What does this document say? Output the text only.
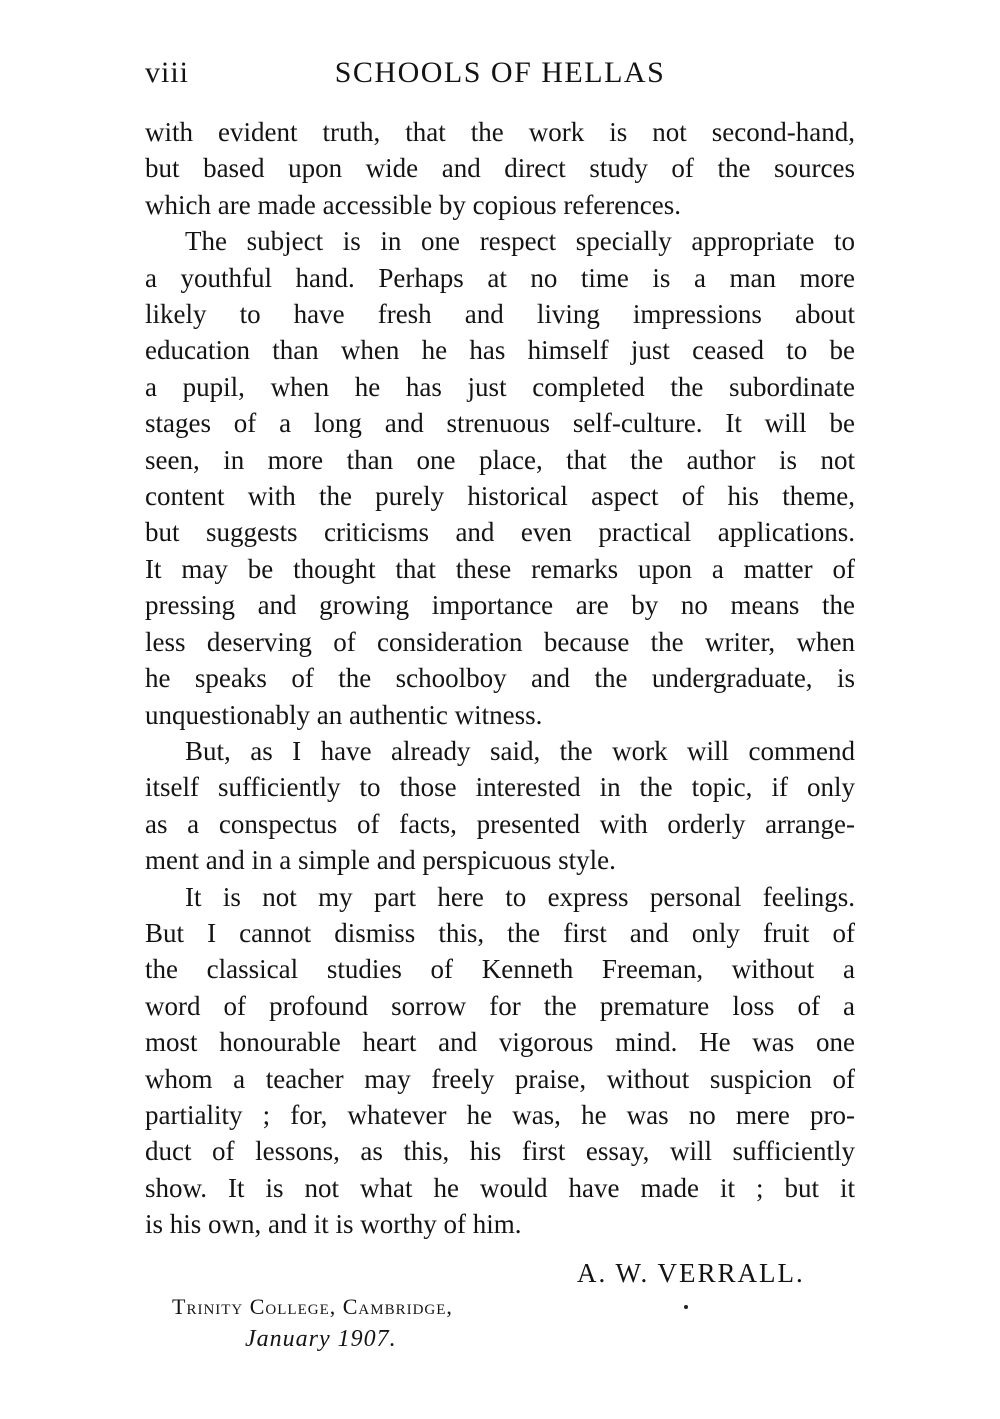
viii	SCHOOLS OF HELLAS

with evident truth, that the work is not second-hand,
but based upon wide and direct study of the sources
which are made accessible by copious references.

The subject is in one respect specially appropriate to
a youthful hand. Perhaps at no time is a man more
likely to have fresh and living impressions about
education than when he has himself just ceased to be
a pupil, when he has just completed the subordinate
stages of a long and strenuous self-culture. It will be
seen, in more than one place, that the author is not
content with the purely historical aspect of his theme,
but suggests criticisms and even practical applications.
It may be thought that these remarks upon a matter of
pressing and growing importance are by no means the
less deserving of consideration because the writer, when
he speaks of the schoolboy and the undergraduate, is
unquestionably an authentic witness.

But, as I have already said, the work will commend
itself sufficiently to those interested in the topic, if only
as a conspectus of facts, presented with orderly arrange-
ment and in a simple and perspicuous style.

It is not my part here to express personal feelings.
But I cannot dismiss this, the first and only fruit of
the classical studies of Kenneth Freeman, without a
word of profound sorrow for the premature loss of a
most honourable heart and vigorous mind. He was one
whom a teacher may freely praise, without suspicion of
partiality ; for, whatever he was, he was no mere pro-
duct of lessons, as this, his first essay, will sufficiently
show. It is not what he would have made it ; but it
is his own, and it is worthy of him.

A. W. VERRALL.
Trinity College, Cambridge,
January 1907.
